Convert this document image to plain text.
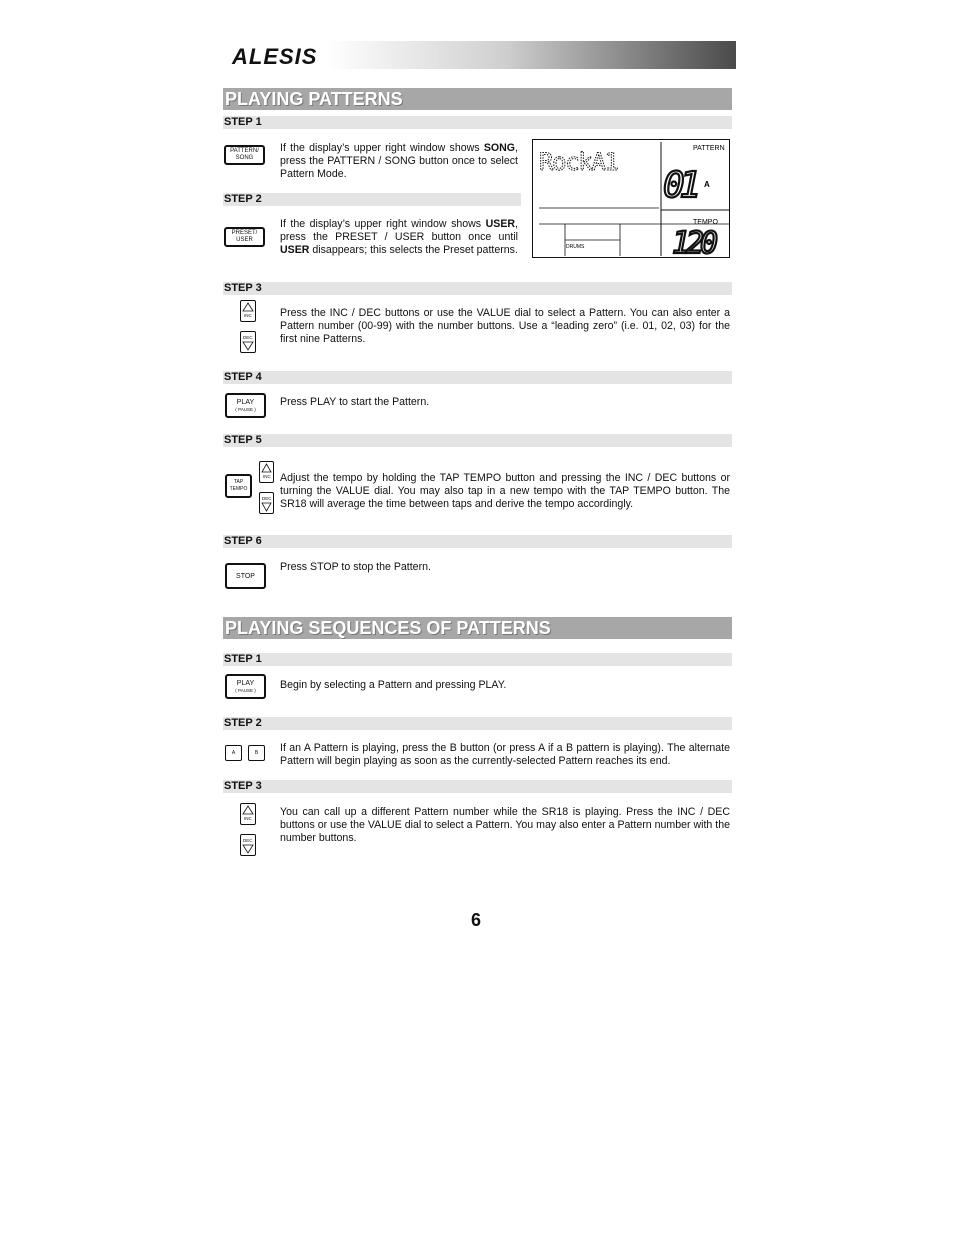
ALESIS
PLAYING PATTERNS
STEP 1
PATTERN/
SONG
If the display’s upper right window shows SONG, press the PATTERN / SONG button once to select Pattern Mode.
STEP 2
PRESET/
USER
If the display’s upper right window shows USER, press the PRESET / USER button once until USER disappears; this selects the Preset patterns.
PATTERN
RockA1
01 A
TEMPO
120
DRUMS
STEP 3
INC
DEC
Press the INC / DEC buttons or use the VALUE dial to select a Pattern. You can also enter a Pattern number (00-99) with the number buttons. Use a “leading zero” (i.e. 01, 02, 03) for the first nine Patterns.
STEP 4
PLAY
( PAUSE )
Press PLAY to start the Pattern.
STEP 5
TAP
TEMPO
INC
DEC
Adjust the tempo by holding the TAP TEMPO button and pressing the INC / DEC buttons or turning the VALUE dial. You may also tap in a new tempo with the TAP TEMPO button. The SR18 will average the time between taps and derive the tempo accordingly.
STEP 6
STOP
Press STOP to stop the Pattern.
PLAYING SEQUENCES OF PATTERNS
STEP 1
PLAY
( PAUSE ) Begin by selecting a Pattern and pressing PLAY.
STEP 2
A	B	If an A Pattern is playing, press the B button (or press A if a B pattern is playing). The alternate Pattern will begin playing as soon as the currently-selected Pattern reaches its end.
STEP 3
INC
DEC
You can call up a different Pattern number while the SR18 is playing. Press the INC / DEC buttons or use the VALUE dial to select a Pattern. You may also enter a Pattern number with the number buttons.
6
